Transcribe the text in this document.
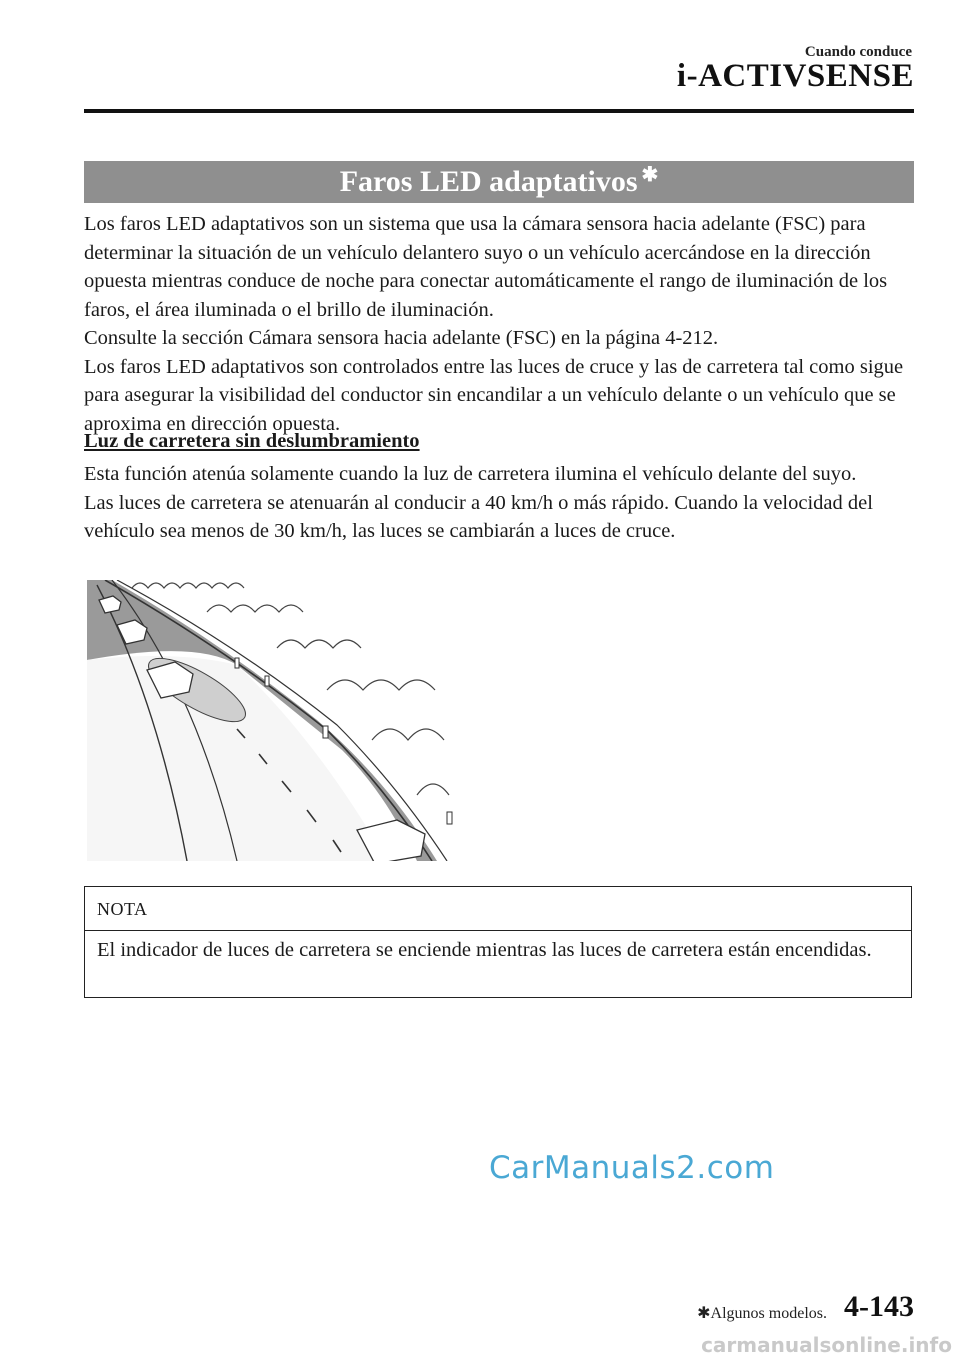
Cuando conduce
i-ACTIVSENSE
Faros LED adaptativos ✱

Los faros LED adaptativos son un sistema que usa la cámara sensora hacia adelante (FSC) para determinar la situación de un vehículo delantero suyo o un vehículo acercándose en la dirección opuesta mientras conduce de noche para conectar automáticamente el rango de iluminación de los faros, el área iluminada o el brillo de iluminación.

Consulte la sección Cámara sensora hacia adelante (FSC) en la página 4-212.

Los faros LED adaptativos son controlados entre las luces de cruce y las de carretera tal como sigue para asegurar la visibilidad del conductor sin encandilar a un vehículo delante o un vehículo que se aproxima en dirección opuesta.

Luz de carretera sin deslumbramiento

Esta función atenúa solamente cuando la luz de carretera ilumina el vehículo delante del suyo.

Las luces de carretera se atenuarán al conducir a 40 km/h o más rápido. Cuando la velocidad del vehículo sea menos de 30 km/h, las luces se cambiarán a luces de cruce.

NOTA
El indicador de luces de carretera se enciende mientras las luces de carretera están encendidas.
CarManuals2.com
✱Algunos modelos. 4-143
carmanualsonline.info
